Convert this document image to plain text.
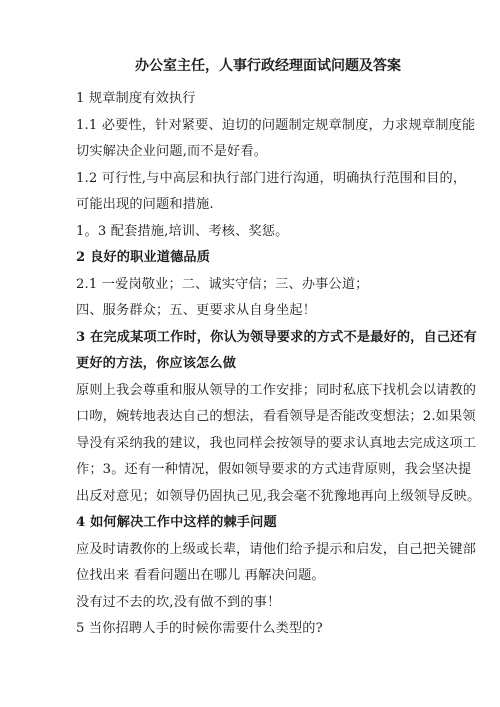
办公室主任，人事行政经理面试问题及答案

1 规章制度有效执行

1.1 必要性，针对紧要、迫切的问题制定规章制度，力求规章制度能

切实解决企业问题,而不是好看。

1.2 可行性,与中高层和执行部门进行沟通，明确执行范围和目的，

可能出现的问题和措施.

1。3 配套措施,培训、考核、奖惩。

2 良好的职业道德品质

2.1 一爱岗敬业；二、诚实守信；三、办事公道；

四、服务群众；五、更要求从自身坐起！

3 在完成某项工作时，你认为领导要求的方式不是最好的，自己还有

更好的方法，你应该怎么做

原则上我会尊重和服从领导的工作安排；同时私底下找机会以请教的

口吻，婉转地表达自己的想法，看看领导是否能改变想法；2.如果领

导没有采纳我的建议，我也同样会按领导的要求认真地去完成这项工

作；3。还有一种情况，假如领导要求的方式违背原则，我会坚决提

出反对意见；如领导仍固执己见,我会毫不犹豫地再向上级领导反映。

4 如何解决工作中这样的棘手问题

应及时请教你的上级或长辈，请他们给予提示和启发，自己把关键部

位找出来 看看问题出在哪儿 再解决问题。

没有过不去的坎,没有做不到的事！

5 当你招聘人手的时候你需要什么类型的?
